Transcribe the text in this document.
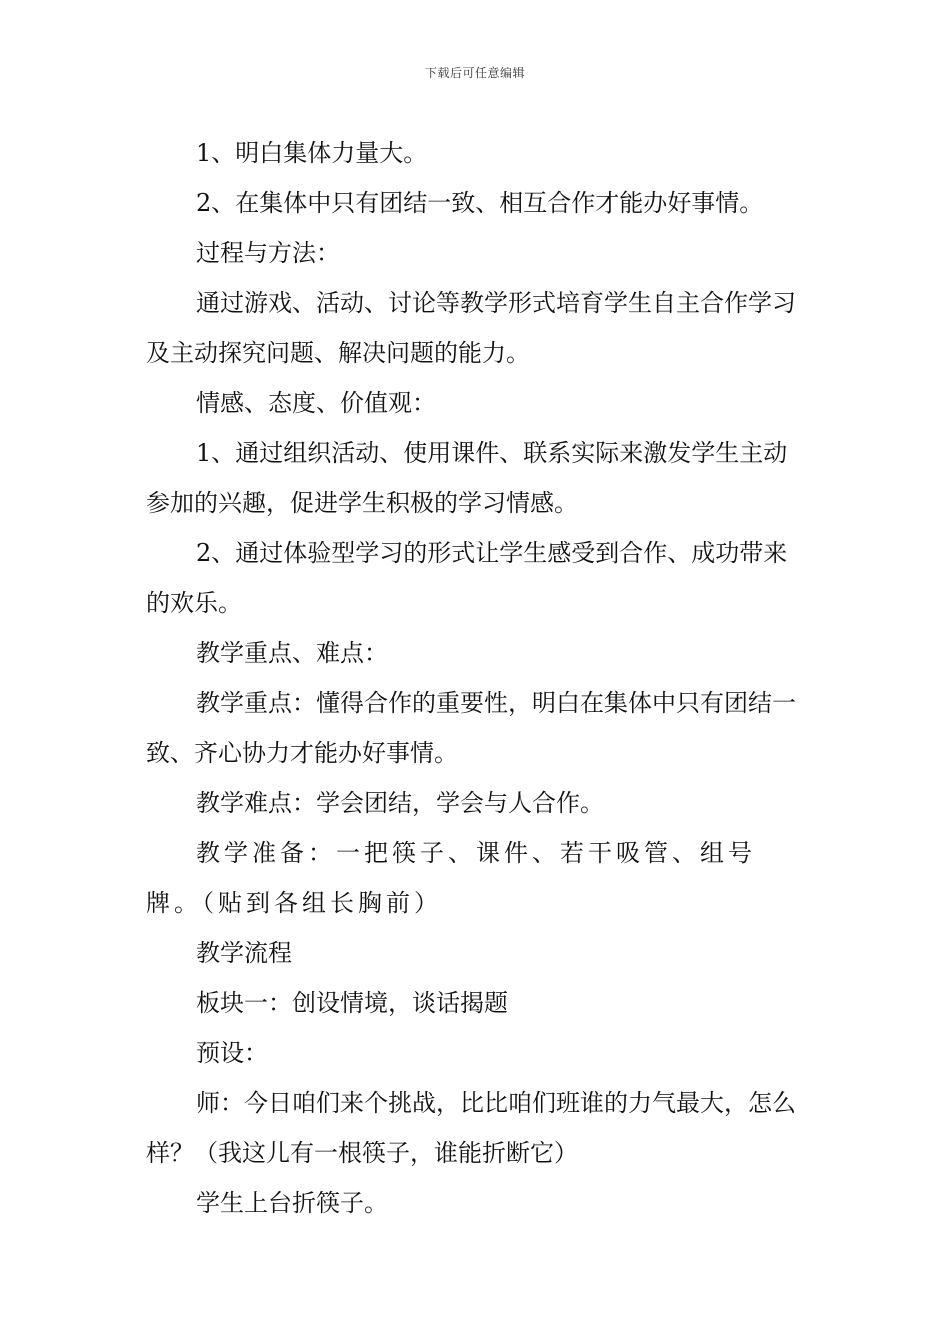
下载后可任意编辑

1、明白集体力量大。

2、在集体中只有团结一致、相互合作才能办好事情。

过程与方法：

通过游戏、活动、讨论等教学形式培育学生自主合作学习及主动探究问题、解决问题的能力。

情感、态度、价值观：

1、通过组织活动、使用课件、联系实际来激发学生主动参加的兴趣，促进学生积极的学习情感。

2、通过体验型学习的形式让学生感受到合作、成功带来的欢乐。

教学重点、难点：

教学重点：懂得合作的重要性，明白在集体中只有团结一致、齐心协力才能办好事情。

教学难点：学会团结，学会与人合作。

教学准备：一把筷子、课件、若干吸管、组号牌。（贴到各组长胸前）

教学流程

板块一：创设情境，谈话揭题

预设：

师：今日咱们来个挑战，比比咱们班谁的力气最大，怎么样？（我这儿有一根筷子，谁能折断它）

学生上台折筷子。
